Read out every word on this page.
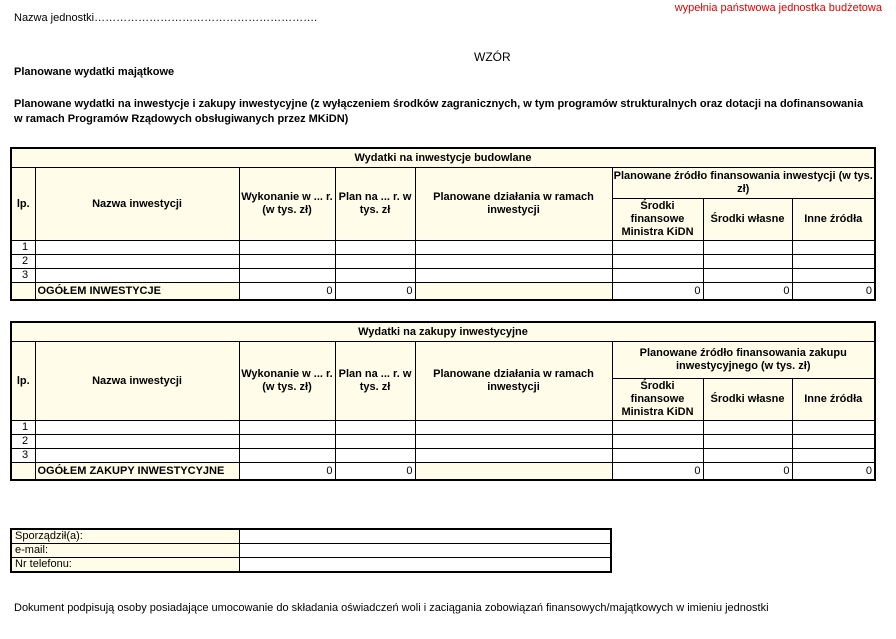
Nazwa jednostki…………………………………………………….
wypełnia państwowa jednostka budżetowa
WZÓR
Planowane wydatki majątkowe
Planowane wydatki na inwestycje i zakupy inwestycyjne (z wyłączeniem środków zagranicznych, w tym programów strukturalnych oraz dotacji na dofinansowania w ramach Programów Rządowych obsługiwanych przez MKiDN)
Wydatki na inwestycje budowlane							
lp.	Nazwa inwestycji	Wykonanie w ... r. (w tys. zł)	Plan na ... r. w tys. zł	Planowane działania w ramach inwestycji	Planowane źródło finansowania inwestycji (w tys. zł)		
					Środki finansowe Ministra KiDN	Środki własne	Inne źródła
1							
2							
3							
	OGÓŁEM INWESTYCJE	0	0		0	0	0
Wydatki na zakupy inwestycyjne							
lp.	Nazwa inwestycji	Wykonanie w ... r. (w tys. zł)	Plan na ... r. w tys. zł	Planowane działania w ramach inwestycji	Planowane źródło finansowania zakupu inwestycyjnego (w tys. zł)		
					Środki finansowe Ministra KiDN	Środki własne	Inne źródła
1							
2							
3							
	OGÓŁEM ZAKUPY INWESTYCYJNE	0	0		0	0	0
Sporządził(a):	
e-mail:	
Nr telefonu:	
Dokument podpisują osoby posiadające umocowanie do składania oświadczeń woli i zaciągania zobowiązań finansowych/majątkowych w imieniu jednostki
